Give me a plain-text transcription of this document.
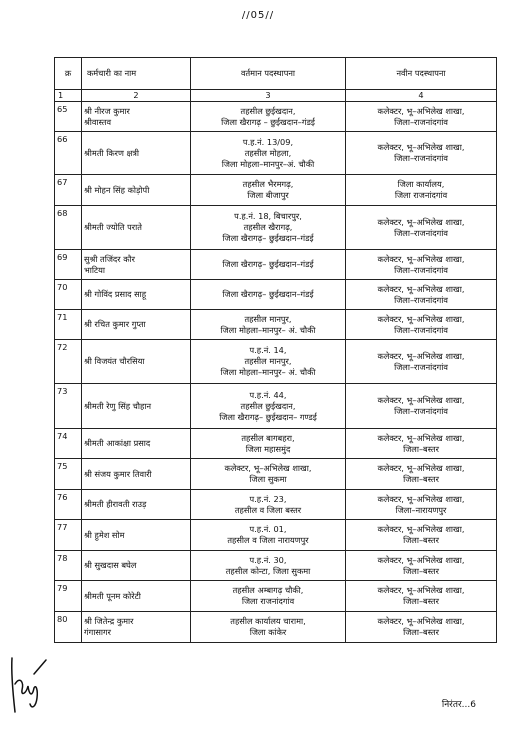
//05//
क्र	कर्मचारी का नाम	वर्तमान पदस्थापना	नवीन पदस्थापना
1	2	3	4
65	श्री नीरज कुमार
श्रीवास्तव	तहसील छुईखदान,
जिला खैरागढ़ – छुईखदान–गंडई	कलेक्टर, भू–अभिलेख शाखा,
जिला–राजनांदगांव
66	श्रीमती किरण क्षत्री	प.ह.नं. 13/09,
तहसील मोहला,
जिला मोहला–मानपुर–अं. चौकी	कलेक्टर, भू–अभिलेख शाखा,
जिला–राजनांदगांव
67	श्री मोहन सिंह कोड़ोपी	तहसील भैरमगढ़,
जिला बीजापुर	जिला कार्यालय,
जिला राजनांदगांव
68	श्रीमती ज्योति पराते	प.ह.नं. 18, बिचारपुर,
तहसील खैरागढ़,
जिला खैरागढ़– छुईखदान–गंडई	कलेक्टर, भू–अभिलेख शाखा,
जिला–राजनांदगांव
69	सुश्री तजिंदर कौर
भाटिया	जिला खैरागढ़– छुईखदान–गंडई	कलेक्टर, भू–अभिलेख शाखा,
जिला–राजनांदगांव
70	श्री गोविंद प्रसाद साहू	जिला खैरागढ़– छुईखदान–गंडई	कलेक्टर, भू–अभिलेख शाखा,
जिला–राजनांदगांव
71	श्री रचित कुमार गुप्ता	तहसील मानपुर,
जिला मोहला–मानपुर– अं. चौकी	कलेक्टर, भू–अभिलेख शाखा,
जिला–राजनांदगांव
72	श्री विजयंत चौरसिया	प.ह.नं. 14,
तहसील मानपुर,
जिला मोहला–मानपुर– अं. चौकी	कलेक्टर, भू–अभिलेख शाखा,
जिला–राजनांदगांव
73	श्रीमती रेणु सिंह चौहान	प.ह.नं. 44,
तहसील छुईखदान,
जिला खैरागढ़– छुईखदान– गण्डई	कलेक्टर, भू–अभिलेख शाखा,
जिला–राजनांदगांव
74	श्रीमती आकांक्षा प्रसाद	तहसील बागबहरा,
जिला महासमुंद	कलेक्टर, भू–अभिलेख शाखा,
जिला–बस्तर
75	श्री संजय कुमार तिवारी	कलेक्टर, भू–अभिलेख शाखा,
जिला सुकमा	कलेक्टर, भू–अभिलेख शाखा,
जिला–बस्तर
76	श्रीमती हीरावती राउड़	प.ह.नं. 23,
तहसील व जिला बस्तर	कलेक्टर, भू–अभिलेख शाखा,
जिला–नारायणपुर
77	श्री हुमेश सोम	प.ह.नं. 01,
तहसील व जिला नारायणपुर	कलेक्टर, भू–अभिलेख शाखा,
जिला–बस्तर
78	श्री सुखदास बघेल	प.ह.नं. 30,
तहसील कोन्टा, जिला सुकमा	कलेक्टर, भू–अभिलेख शाखा,
जिला–बस्तर
79	श्रीमती पूनम कोरेटी	तहसील अम्बागढ़ चौकी,
जिला राजनांदगांव	कलेक्टर, भू–अभिलेख शाखा,
जिला–बस्तर
80	श्री जितेन्द्र कुमार
गंगासागर	तहसील कार्यालय चारामा,
जिला कांकेर	कलेक्टर, भू–अभिलेख शाखा,
जिला–बस्तर
निरंतर...6
